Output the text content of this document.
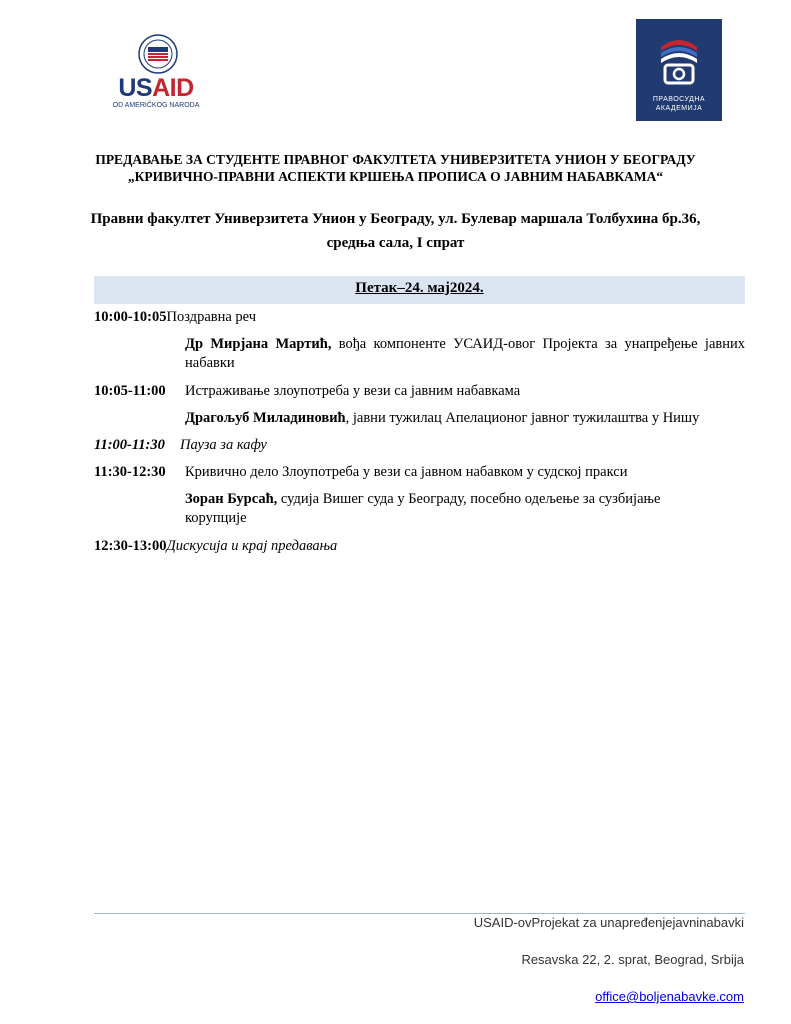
USAID
OD AMERIČKOG NARODA
ПРАВОСУДНА
АКАДЕМИЈА
ПРЕДАВАЊЕ ЗА СТУДЕНТЕ ПРАВНОГ ФАКУЛТЕТА УНИВЕРЗИТЕТА УНИОН У БЕОГРАДУ
„КРИВИЧНО-ПРАВНИ АСПЕКТИ КРШЕЊА ПРОПИСА О ЈАВНИМ НАБАВКАМА“
Правни факултет Универзитета Унион у Београду, ул. Булевар маршала Толбухина бр.36,
средња сала, I спрат
Петак–24. мај2024.
10:00-10:05Поздравна реч
Др Мирјана Мартић, вођа компоненте УСАИД-овог Пројекта за унапређење јавних набавки
10:05-11:00 Истраживање злоупотреба у вези са јавним набавкама
Драгољуб Миладиновић, јавни тужилац Апелационог јавног тужилаштва у Нишу
11:00-11:30 Пауза за кафу
11:30-12:30 Кривично дело Злоупотреба у вези са јавном набавком у судској пракси
Зоран Бурсаћ, судија Вишег суда у Београду, посебно одељење за сузбијање корупције
12:30-13:00Дискусија и крај предавања
USAID-ovProjekat za unapređenjejavninabavki
Resavska 22, 2. sprat, Beograd, Srbija
office@boljenabavke.com
